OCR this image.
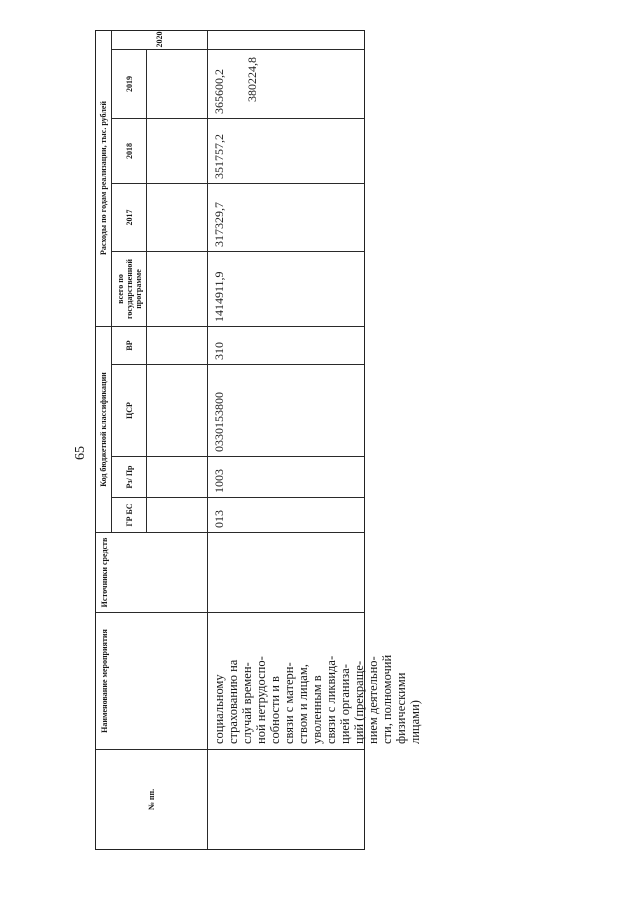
65
№ пп.
Наименование мероприятия
Источники средств
Код бюджетной классификации
Расходы по годам реализации, тыс. рублей
ГР БС
Рз/ Пр
ЦСР
ВР
всего по государственной программе
2017
2018
2019
2020
социальному
страхованию на
случай времен-
ной нетрудоспо-
собности и в
связи с матерн-
ством и лицам,
уволенным в
связи с ликвида-
цией организа-
ций (прекраще-
нием деятельно-
сти, полномочий
физическими
лицами)
013
1003
0330153800
310
1414911,9
317329,7
351757,2
365600,2	380224,8
